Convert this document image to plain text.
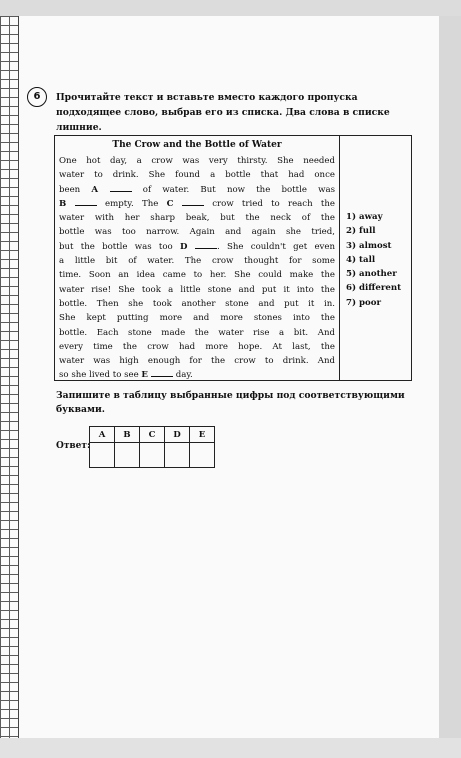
6	Прочитайте текст и вставьте вместо каждого пропуска подходящее слово, выбрав его из списка. Два слова в списке лишние.
The Crow and the Bottle of Water
One hot day, a crow was very thirsty. She needed
water to drink. She found a bottle that had once
been A	of water. But now the bottle was
B	empty. The C	crow tried to reach the
water with her sharp beak, but the neck of the
bottle was too narrow. Again and again she tried,
but the bottle was too D	. She couldn't get even
a little bit of water. The crow thought for some
time. Soon an idea came to her. She could make the
water rise! She took a little stone and put it into the
bottle. Then she took another stone and put it in.
She kept putting more and more stones into the
bottle. Each stone made the water rise a bit. And
every time the crow had more hope. At last, the
water was high enough for the crow to drink. And
so she lived to see E	day.
1) away
2) full
3) almost
4) tall
5) another
6) different
7) poor
Запишите в таблицу выбранные цифры под соответствующими буквами.
Ответ:
A	B	C	D	E
